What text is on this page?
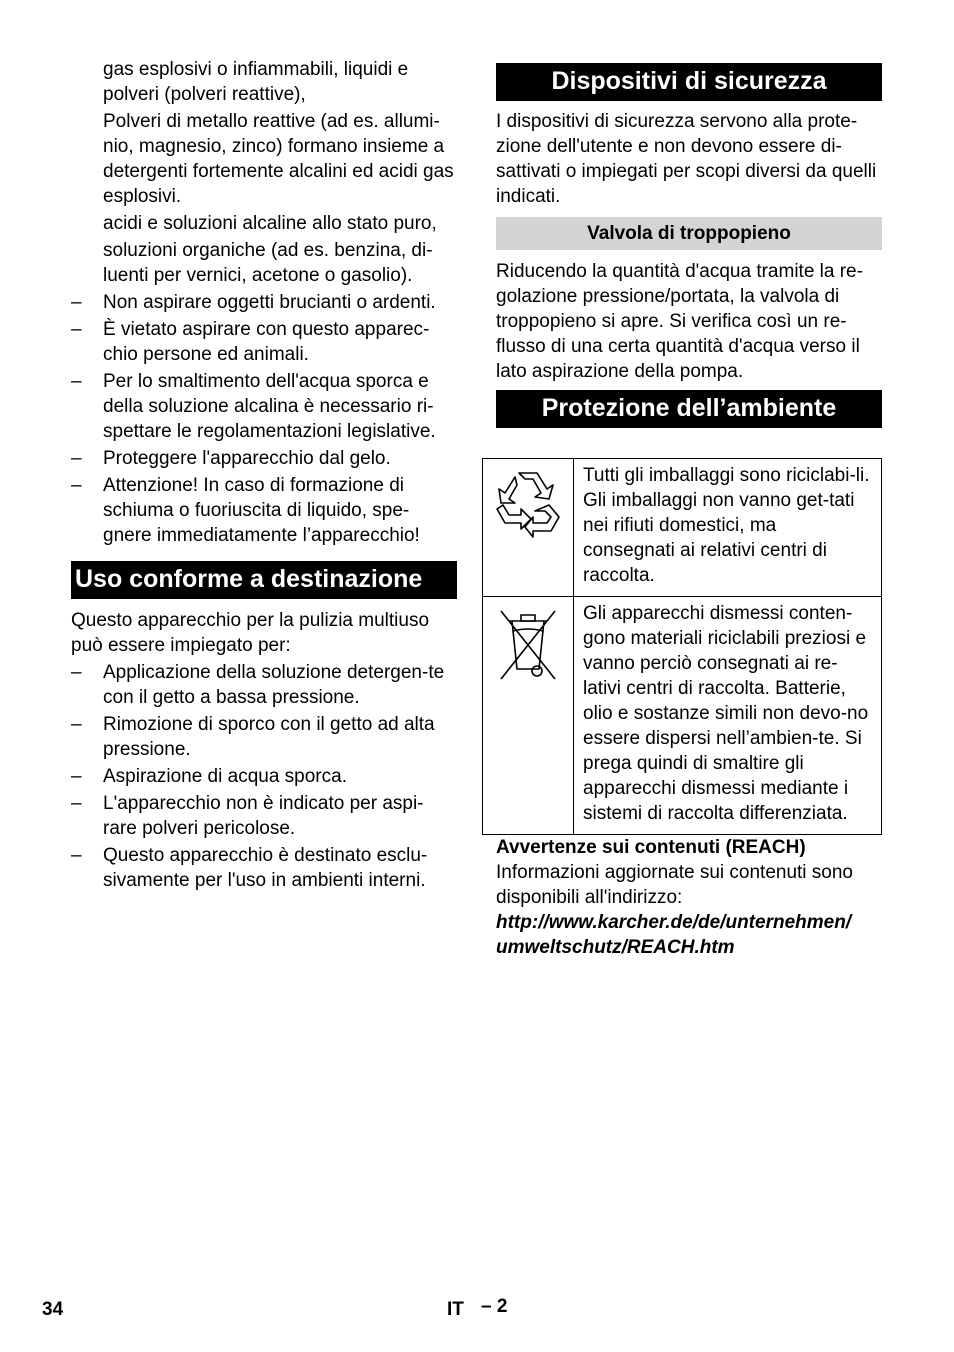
gas esplosivi o infiammabili, liquidi e polveri (polveri reattive),

Polveri di metallo reattive (ad es. allumi-nio, magnesio, zinco) formano insieme a detergenti fortemente alcalini ed acidi gas esplosivi.

acidi e soluzioni alcaline allo stato puro,

soluzioni organiche (ad es. benzina, di-luenti per vernici, acetone o gasolio).

– Non aspirare oggetti brucianti o ardenti.

– È vietato aspirare con questo apparec-chio persone ed animali.

– Per lo smaltimento dell'acqua sporca e della soluzione alcalina è necessario ri-spettare le regolamentazioni legislative.

– Proteggere l'apparecchio dal gelo.

– Attenzione! In caso di formazione di schiuma o fuoriuscita di liquido, spe-gnere immediatamente l’apparecchio!

Uso conforme a destinazione

Questo apparecchio per la pulizia multiuso può essere impiegato per:

– Applicazione della soluzione detergen-te con il getto a bassa pressione.

– Rimozione di sporco con il getto ad alta pressione.

– Aspirazione di acqua sporca.

– L'apparecchio non è indicato per aspi-rare polveri pericolose.

– Questo apparecchio è destinato esclu-sivamente per l'uso in ambienti interni.

Dispositivi di sicurezza

I dispositivi di sicurezza servono alla prote-zione dell'utente e non devono essere di-sattivati o impiegati per scopi diversi da quelli indicati.

Valvola di troppopieno

Riducendo la quantità d'acqua tramite la re-golazione pressione/portata, la valvola di troppopieno si apre. Si verifica così un re-flusso di una certa quantità d'acqua verso il lato aspirazione della pompa.

Protezione dell’ambiente
	Tutti gli imballaggi sono riciclabi-li. Gli imballaggi non vanno get-tati nei rifiuti domestici, ma consegnati ai relativi centri di raccolta.
	Gli apparecchi dismessi conten-gono materiali riciclabili preziosi e vanno perciò consegnati ai re-lativi centri di raccolta. Batterie, olio e sostanze simili non devo-no essere dispersi nell’ambien-te. Si prega quindi di smaltire gli apparecchi dismessi mediante i sistemi di raccolta differenziata.

Avvertenze sui contenuti (REACH)

Informazioni aggiornate sui contenuti sono disponibili all'indirizzo:

http://www.karcher.de/de/unternehmen/

umweltschutz/REACH.htm

34	IT – 2
